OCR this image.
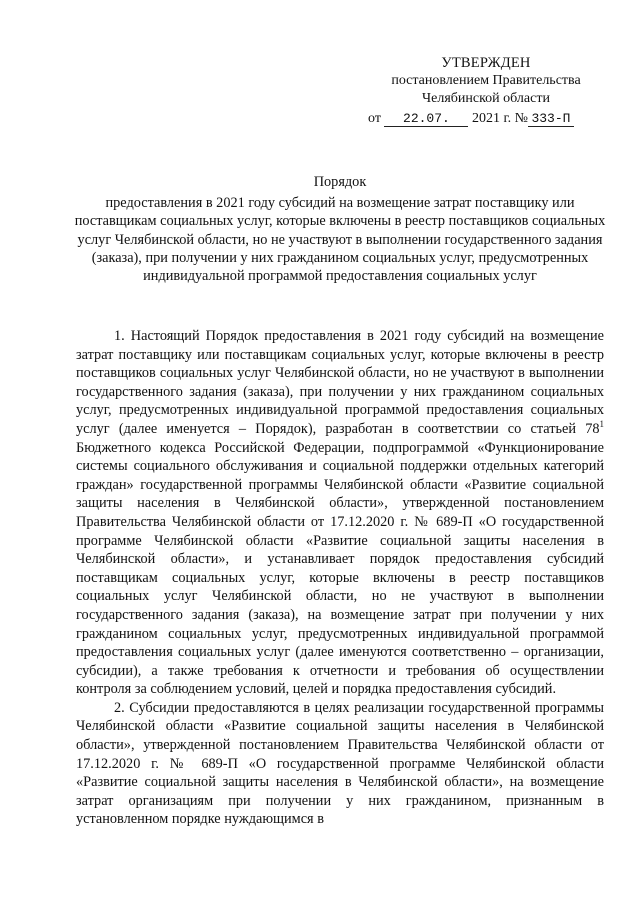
УТВЕРЖДЕН
постановлением Правительства
Челябинской области
от 22.07. 2021 г. № 333-П
Порядок
предоставления в 2021 году субсидий на возмещение затрат поставщику или поставщикам социальных услуг, которые включены в реестр поставщиков социальных услуг Челябинской области, но не участвуют в выполнении государственного задания (заказа), при получении у них гражданином социальных услуг, предусмотренных индивидуальной программой предоставления социальных услуг

1. Настоящий Порядок предоставления в 2021 году субсидий на возмещение затрат поставщику или поставщикам социальных услуг, которые включены в реестр поставщиков социальных услуг Челябинской области, но не участвуют в выполнении государственного задания (заказа), при получении у них гражданином социальных услуг, предусмотренных индивидуальной программой предоставления социальных услуг (далее именуется – Порядок), разработан в соответствии со статьей $78^1$ Бюджетного кодекса Российской Федерации, подпрограммой «Функционирование системы социального обслуживания и социальной поддержки отдельных категорий граждан» государственной программы Челябинской области «Развитие социальной защиты населения в Челябинской области», утвержденной постановлением Правительства Челябинской области от 17.12.2020 г. № 689-П «О государственной программе Челябинской области «Развитие социальной защиты населения в Челябинской области», и устанавливает порядок предоставления субсидий поставщикам социальных услуг, которые включены в реестр поставщиков социальных услуг Челябинской области, но не участвуют в выполнении государственного задания (заказа), на возмещение затрат при получении у них гражданином социальных услуг, предусмотренных индивидуальной программой предоставления социальных услуг (далее именуются соответственно – организации, субсидии), а также требования к отчетности и требования об осуществлении контроля за соблюдением условий, целей и порядка предоставления субсидий.

2. Субсидии предоставляются в целях реализации государственной программы Челябинской области «Развитие социальной защиты населения в Челябинской области», утвержденной постановлением Правительства Челябинской области от 17.12.2020 г. № 689-П «О государственной программе Челябинской области «Развитие социальной защиты населения в Челябинской области», на возмещение затрат организациям при получении у них гражданином, признанным в установленном порядке нуждающимся в
